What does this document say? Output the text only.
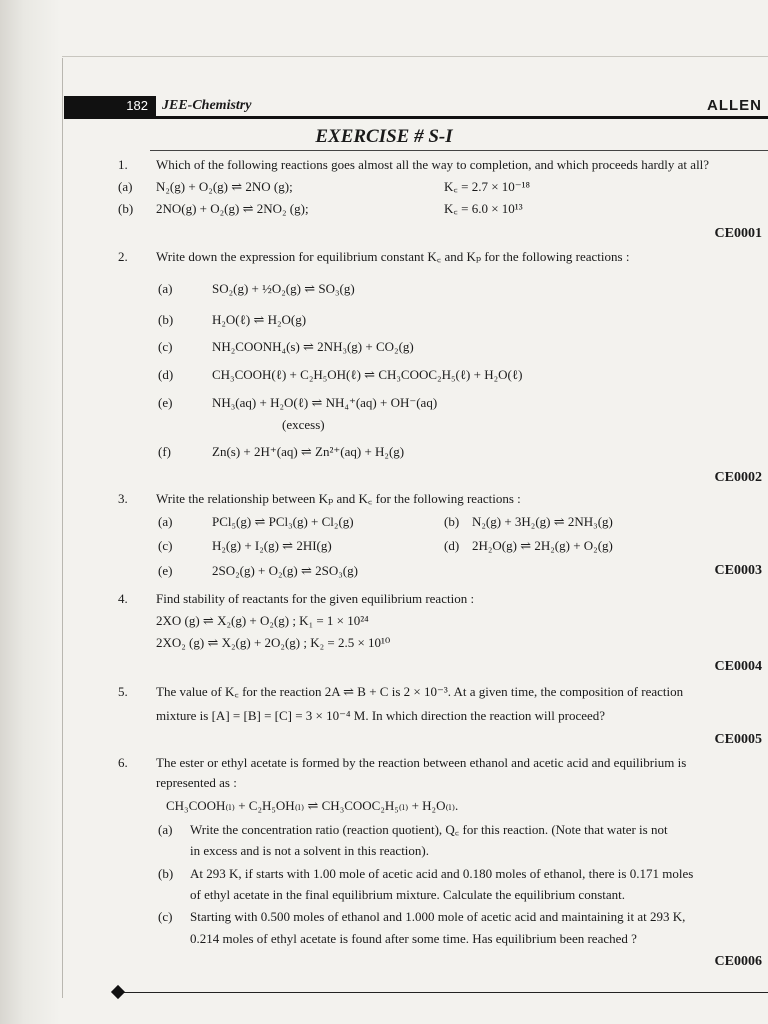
182	JEE-Chemistry	ALLEN
EXERCISE # S-I
1. Which of the following reactions goes almost all the way to completion, and which proceeds hardly at all?
(a) N₂(g) + O₂(g) ⇌ 2NO (g);	K꜀ = 2.7 × 10⁻¹⁸
(b) 2NO(g) + O₂(g) ⇌ 2NO₂ (g);	K꜀ = 6.0 × 10¹³
CE0001
2. Write down the expression for equilibrium constant K꜀ and Kₚ for the following reactions :
(a)	SO₂(g) + ½O₂(g) ⇌ SO₃(g)
(b)	H₂O(ℓ) ⇌ H₂O(g)
(c)	NH₂COONH₄(s) ⇌ 2NH₃(g) + CO₂(g)
(d)	CH₃COOH(ℓ) + C₂H₅OH(ℓ) ⇌ CH₃COOC₂H₅(ℓ) + H₂O(ℓ)
(e)	NH₃(aq) + H₂O(ℓ) ⇌ NH₄⁺(aq) + OH⁻(aq)
(excess)
(f)	Zn(s) + 2H⁺(aq) ⇌ Zn²⁺(aq) + H₂(g)
CE0002
3. Write the relationship between Kₚ and K꜀ for the following reactions :
(a)	PCl₅(g) ⇌ PCl₃(g) + Cl₂(g)	(b) N₂(g) + 3H₂(g) ⇌ 2NH₃(g)
(c)	H₂(g) + I₂(g) ⇌ 2HI(g)	(d) 2H₂O(g) ⇌ 2H₂(g) + O₂(g)
(e)	2SO₂(g) + O₂(g) ⇌ 2SO₃(g)	CE0003
4. Find stability of reactants for the given equilibrium reaction :
2XO (g) ⇌ X₂(g) + O₂(g) ; K₁ = 1 × 10²⁴
2XO₂ (g) ⇌ X₂(g) + 2O₂(g) ; K₂ = 2.5 × 10¹⁰
CE0004
5. The value of K꜀ for the reaction 2A ⇌ B + C is 2 × 10⁻³. At a given time, the composition of reaction
mixture is [A] = [B] = [C] = 3 × 10⁻⁴ M. In which direction the reaction will proceed?
CE0005
6. The ester or ethyl acetate is formed by the reaction between ethanol and acetic acid and equilibrium is
represented as :
CH₃COOH₍ₗ₎ + C₂H₅OH₍ₗ₎ ⇌ CH₃COOC₂H₅₍ₗ₎ + H₂O₍ₗ₎.
(a) Write the concentration ratio (reaction quotient), Q꜀ for this reaction. (Note that water is not
in excess and is not a solvent in this reaction).
(b) At 293 K, if starts with 1.00 mole of acetic acid and 0.180 moles of ethanol, there is 0.171 moles
of ethyl acetate in the final equilibrium mixture. Calculate the equilibrium constant.
(c) Starting with 0.500 moles of ethanol and 1.000 mole of acetic acid and maintaining it at 293 K,
0.214 moles of ethyl acetate is found after some time. Has equilibrium been reached ?
CE0006
